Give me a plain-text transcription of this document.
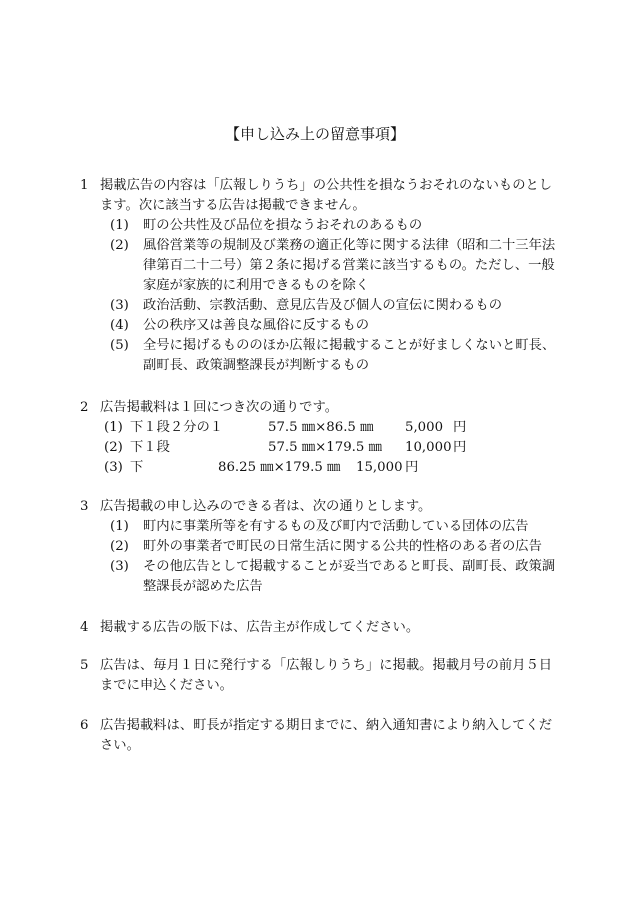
【申し込み上の留意事項】
1 掲載広告の内容は「広報しりうち」の公共性を損なうおそれのないものとし
ます。次に該当する広告は掲載できません。
(1) 町の公共性及び品位を損なうおそれのあるもの
(2) 風俗営業等の規制及び業務の適正化等に関する法律（昭和二十三年法
律第百二十二号）第２条に掲げる営業に該当するもの。ただし、一般
家庭が家族的に利用できるものを除く
(3) 政治活動、宗教活動、意見広告及び個人の宣伝に関わるもの
(4) 公の秩序又は善良な風俗に反するもの
(5) 全号に掲げるもののほか広報に掲載することが好ましくないと町長、
副町長、政策調整課長が判断するもの
2 広告掲載料は１回につき次の通りです。
(1) 下１段２分の１	57.5 ㎜×86.5 ㎜ 5,000 円
(2) 下１段	57.5 ㎜×179.5 ㎜ 10,000 円
(3) 下	86.25 ㎜×179.5 ㎜ 15,000 円
3 広告掲載の申し込みのできる者は、次の通りとします。
(1) 町内に事業所等を有するもの及び町内で活動している団体の広告
(2) 町外の事業者で町民の日常生活に関する公共的性格のある者の広告
(3) その他広告として掲載することが妥当であると町長、副町長、政策調
整課長が認めた広告
4 掲載する広告の版下は、広告主が作成してください。
5 広告は、毎月１日に発行する「広報しりうち」に掲載。掲載月号の前月５日
までに申込ください。
6 広告掲載料は、町長が指定する期日までに、納入通知書により納入してくだ
さい。
